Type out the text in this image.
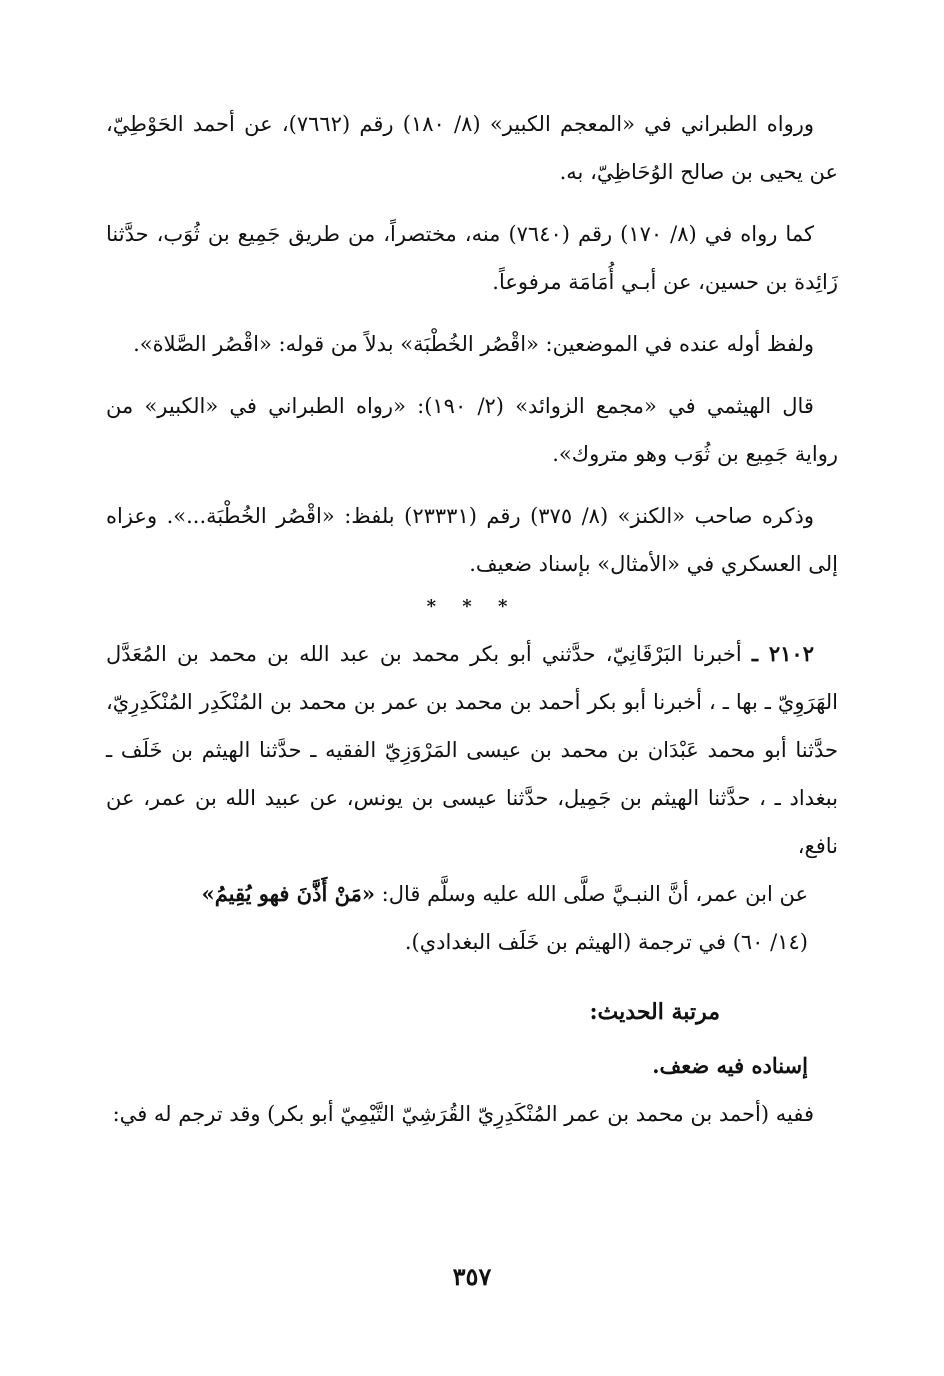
ورواه الطبراني في «المعجم الكبير» (٨/ ١٨٠) رقم (٧٦٦٢)، عن أحمد الحَوْطِيّ، عن يحيى بن صالح الوُحَاظِيّ، به.

كما رواه في (٨/ ١٧٠) رقم (٧٦٤٠) منه، مختصراً، من طريق جَمِيع بن ثُوَب، حدَّثنا زَائِدة بن حسين، عن أبـي أُمَامَة مرفوعاً.

ولفظ أوله عنده في الموضعين: «اقْصُر الخُطْبَة» بدلاً من قوله: «اقْصُر الصَّلاة».

قال الهيثمي في «مجمع الزوائد» (٢/ ١٩٠): «رواه الطبراني في «الكبير» من رواية جَمِيع بن ثُوَب وهو متروك».

وذكره صاحب «الكنز» (٨/ ٣٧٥) رقم (٢٣٣٣١) بلفظ: «اقْصُر الخُطْبَة...». وعزاه إلى العسكري في «الأمثال» بإسناد ضعيف.

* * *

٢١٠٢ ـ أخبرنا البَرْقَانِيّ، حدَّثني أبو بكر محمد بن عبد الله بن محمد بن المُعَدَّل الهَرَوِيّ ـ بها ـ ، أخبرنا أبو بكر أحمد بن محمد بن عمر بن محمد بن المُنْكَدِر المُنْكَدِرِيّ، حدَّثنا أبو محمد عَبْدَان بن محمد بن عيسى المَرْوَزِيّ الفقيه ـ حدَّثنا الهيثم بن خَلَف ـ ببغداد ـ ، حدَّثنا الهيثم بن جَمِيل، حدَّثنا عيسى بن يونس، عن عبيد الله بن عمر، عن نافع،

عن ابن عمر، أنَّ النبـيَّ صلَّى الله عليه وسلَّم قال: «مَنْ أَذَّنَ فهو يُقِيمُ»

(١٤/ ٦٠) في ترجمة (الهيثم بن خَلَف البغدادي).

مرتبة الحديث:
إسناده فيه ضعف.

ففيه (أحمد بن محمد بن عمر المُنْكَدِرِيّ القُرَشِيّ التَّيْمِيّ أبو بكر) وقد ترجم له في:

٣٥٧
